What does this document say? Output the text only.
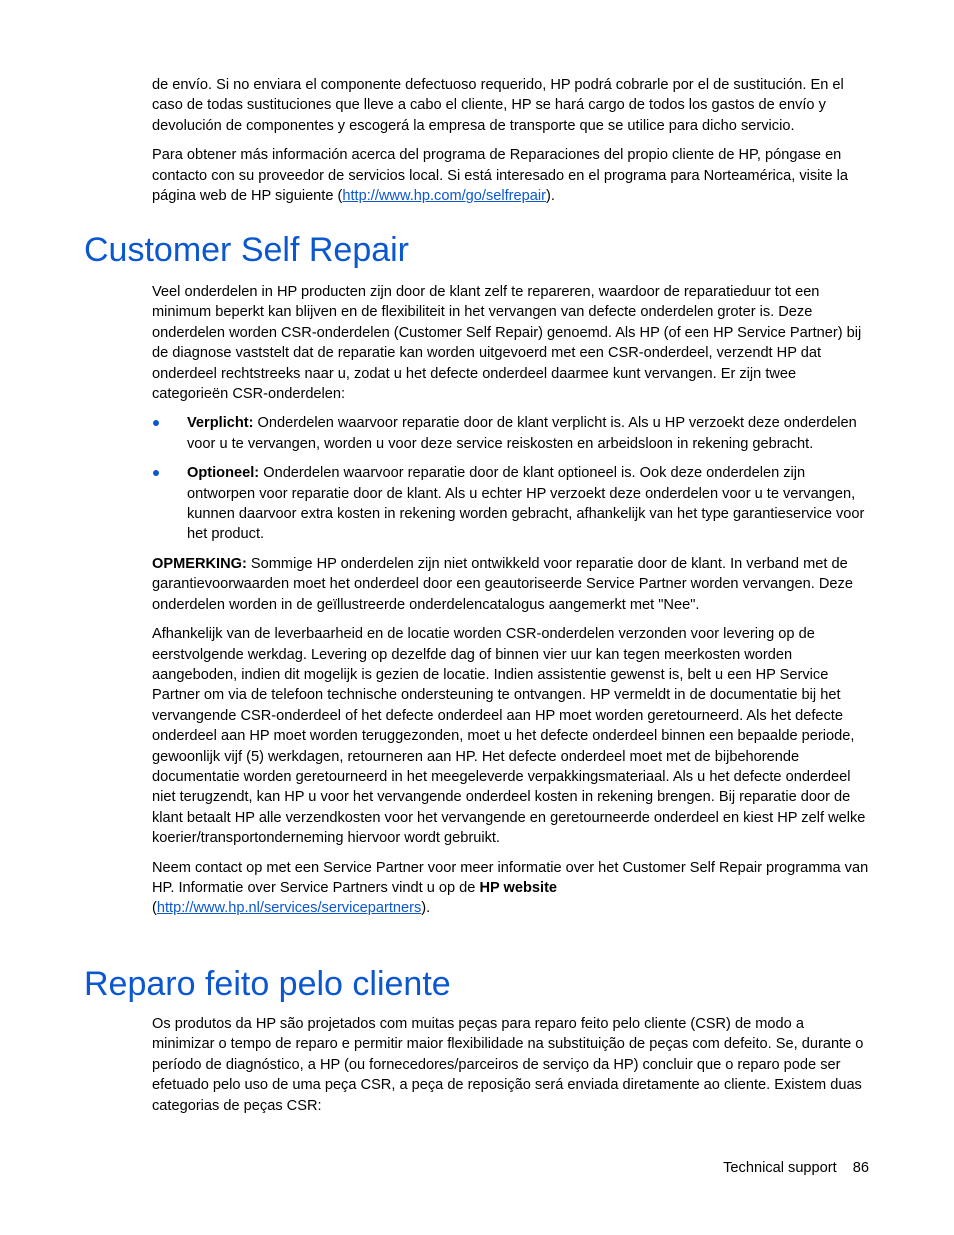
de envío. Si no enviara el componente defectuoso requerido, HP podrá cobrarle por el de sustitución. En el caso de todas sustituciones que lleve a cabo el cliente, HP se hará cargo de todos los gastos de envío y devolución de componentes y escogerá la empresa de transporte que se utilice para dicho servicio.

Para obtener más información acerca del programa de Reparaciones del propio cliente de HP, póngase en contacto con su proveedor de servicios local. Si está interesado en el programa para Norteamérica, visite la página web de HP siguiente (http://www.hp.com/go/selfrepair).

Customer Self Repair

Veel onderdelen in HP producten zijn door de klant zelf te repareren, waardoor de reparatieduur tot een minimum beperkt kan blijven en de flexibiliteit in het vervangen van defecte onderdelen groter is. Deze onderdelen worden CSR-onderdelen (Customer Self Repair) genoemd. Als HP (of een HP Service Partner) bij de diagnose vaststelt dat de reparatie kan worden uitgevoerd met een CSR-onderdeel, verzendt HP dat onderdeel rechtstreeks naar u, zodat u het defecte onderdeel daarmee kunt vervangen. Er zijn twee categorieën CSR-onderdelen:

Verplicht: Onderdelen waarvoor reparatie door de klant verplicht is. Als u HP verzoekt deze onderdelen voor u te vervangen, worden u voor deze service reiskosten en arbeidsloon in rekening gebracht.

Optioneel: Onderdelen waarvoor reparatie door de klant optioneel is. Ook deze onderdelen zijn ontworpen voor reparatie door de klant. Als u echter HP verzoekt deze onderdelen voor u te vervangen, kunnen daarvoor extra kosten in rekening worden gebracht, afhankelijk van het type garantieservice voor het product.

OPMERKING: Sommige HP onderdelen zijn niet ontwikkeld voor reparatie door de klant. In verband met de garantievoorwaarden moet het onderdeel door een geautoriseerde Service Partner worden vervangen. Deze onderdelen worden in de geïllustreerde onderdelencatalogus aangemerkt met "Nee".

Afhankelijk van de leverbaarheid en de locatie worden CSR-onderdelen verzonden voor levering op de eerstvolgende werkdag. Levering op dezelfde dag of binnen vier uur kan tegen meerkosten worden aangeboden, indien dit mogelijk is gezien de locatie. Indien assistentie gewenst is, belt u een HP Service Partner om via de telefoon technische ondersteuning te ontvangen. HP vermeldt in de documentatie bij het vervangende CSR-onderdeel of het defecte onderdeel aan HP moet worden geretourneerd. Als het defecte onderdeel aan HP moet worden teruggezonden, moet u het defecte onderdeel binnen een bepaalde periode, gewoonlijk vijf (5) werkdagen, retourneren aan HP. Het defecte onderdeel moet met de bijbehorende documentatie worden geretourneerd in het meegeleverde verpakkingsmateriaal. Als u het defecte onderdeel niet terugzendt, kan HP u voor het vervangende onderdeel kosten in rekening brengen. Bij reparatie door de klant betaalt HP alle verzendkosten voor het vervangende en geretourneerde onderdeel en kiest HP zelf welke koerier/transportonderneming hiervoor wordt gebruikt.

Neem contact op met een Service Partner voor meer informatie over het Customer Self Repair programma van HP. Informatie over Service Partners vindt u op de HP website
(http://www.hp.nl/services/servicepartners).

Reparo feito pelo cliente

Os produtos da HP são projetados com muitas peças para reparo feito pelo cliente (CSR) de modo a minimizar o tempo de reparo e permitir maior flexibilidade na substituição de peças com defeito. Se, durante o período de diagnóstico, a HP (ou fornecedores/parceiros de serviço da HP) concluir que o reparo pode ser efetuado pelo uso de uma peça CSR, a peça de reposição será enviada diretamente ao cliente. Existem duas categorias de peças CSR:

Technical support 86
